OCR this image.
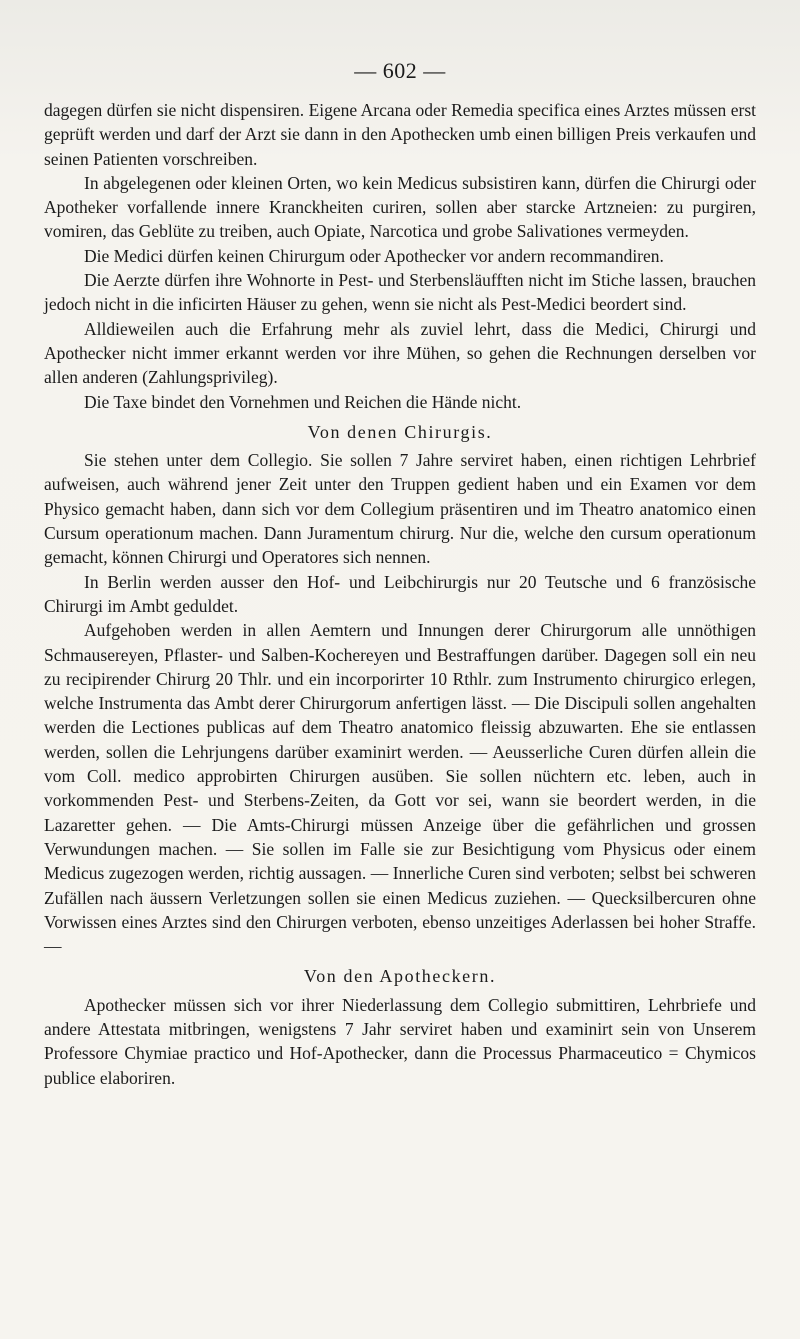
— 602 —

dagegen dürfen sie nicht dispensiren. Eigene Arcana oder Remedia specifica eines Arztes müssen erst geprüft werden und darf der Arzt sie dann in den Apothecken umb einen billigen Preis verkaufen und seinen Patienten vorschreiben.

In abgelegenen oder kleinen Orten, wo kein Medicus subsistiren kann, dürfen die Chirurgi oder Apotheker vorfallende innere Kranckheiten curiren, sollen aber starcke Artzneien: zu purgiren, vomiren, das Geblüte zu treiben, auch Opiate, Narcotica und grobe Salivationes vermeyden.

Die Medici dürfen keinen Chirurgum oder Apothecker vor andern recommandiren.

Die Aerzte dürfen ihre Wohnorte in Pest- und Sterbensläufften nicht im Stiche lassen, brauchen jedoch nicht in die inficirten Häuser zu gehen, wenn sie nicht als Pest-Medici beordert sind.

Alldieweilen auch die Erfahrung mehr als zuviel lehrt, dass die Medici, Chirurgi und Apothecker nicht immer erkannt werden vor ihre Mühen, so gehen die Rechnungen derselben vor allen anderen (Zahlungsprivileg).

Die Taxe bindet den Vornehmen und Reichen die Hände nicht.

Von denen Chirurgis.

Sie stehen unter dem Collegio. Sie sollen 7 Jahre serviret haben, einen richtigen Lehrbrief aufweisen, auch während jener Zeit unter den Truppen gedient haben und ein Examen vor dem Physico gemacht haben, dann sich vor dem Collegium präsentiren und im Theatro anatomico einen Cursum operationum machen. Dann Juramentum chirurg. Nur die, welche den cursum operationum gemacht, können Chirurgi und Operatores sich nennen.

In Berlin werden ausser den Hof- und Leibchirurgis nur 20 Teutsche und 6 französische Chirurgi im Ambt geduldet.

Aufgehoben werden in allen Aemtern und Innungen derer Chirurgorum alle unnöthigen Schmausereyen, Pflaster- und Salben-Kochereyen und Bestraffungen darüber. Dagegen soll ein neu zu recipirender Chirurg 20 Thlr. und ein incorporirter 10 Rthlr. zum Instrumento chirurgico erlegen, welche Instrumenta das Ambt derer Chirurgorum anfertigen lässt. — Die Discipuli sollen angehalten werden die Lectiones publicas auf dem Theatro anatomico fleissig abzuwarten. Ehe sie entlassen werden, sollen die Lehrjungens darüber examinirt werden. — Aeusserliche Curen dürfen allein die vom Coll. medico approbirten Chirurgen ausüben. Sie sollen nüchtern etc. leben, auch in vorkommenden Pest- und Sterbens-Zeiten, da Gott vor sei, wann sie beordert werden, in die Lazaretter gehen. — Die Amts-Chirurgi müssen Anzeige über die gefährlichen und grossen Verwundungen machen. — Sie sollen im Falle sie zur Besichtigung vom Physicus oder einem Medicus zugezogen werden, richtig aussagen. — Innerliche Curen sind verboten; selbst bei schweren Zufällen nach äussern Verletzungen sollen sie einen Medicus zuziehen. — Quecksilbercuren ohne Vorwissen eines Arztes sind den Chirurgen verboten, ebenso unzeitiges Aderlassen bei hoher Straffe. —

Von den Apotheckern.

Apothecker müssen sich vor ihrer Niederlassung dem Collegio submittiren, Lehrbriefe und andere Attestata mitbringen, wenigstens 7 Jahr serviret haben und examinirt sein von Unserem Professore Chymiae practico und Hof-Apothecker, dann die Processus Pharmaceutico = Chymicos publice elaboriren.
